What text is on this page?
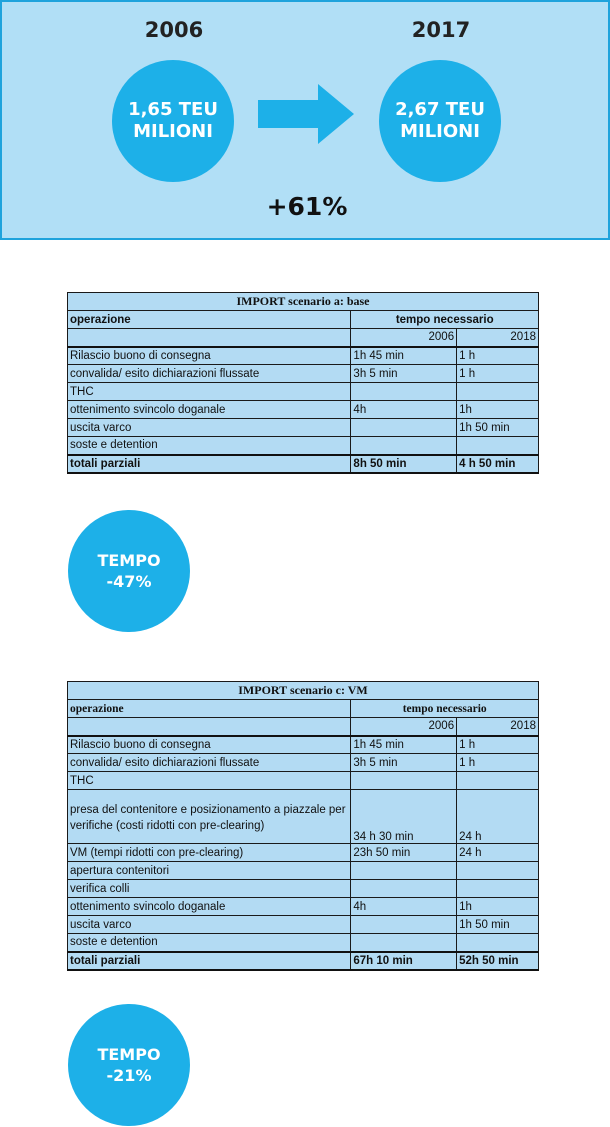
2006	2017
1,65 TEU
MILIONI
2,67 TEU
MILIONI
+61%
IMPORT scenario a: base		
operazione	tempo necessario	
	2006	2018
Rilascio buono di consegna	1h 45 min	1 h
convalida/ esito dichiarazioni flussate	3h 5 min	1 h
THC		
ottenimento svincolo doganale	4h	1h
uscita varco		1h 50 min
soste e detention		
totali parziali	8h 50 min	4 h 50 min
TEMPO
-47%
IMPORT scenario c: VM		
operazione	tempo necessario	
	2006	2018
Rilascio buono di consegna	1h 45 min	1 h
convalida/ esito dichiarazioni flussate	3h 5 min	1 h
THC		
presa del contenitore e posizionamento a piazzale per verifiche (costi ridotti con pre-clearing)	34 h 30 min	24 h
VM (tempi ridotti con pre-clearing)	23h 50 min	24 h
apertura contenitori		
verifica colli		
ottenimento svincolo doganale	4h	1h
uscita varco		1h 50 min
soste e detention		
totali parziali	67h 10 min	52h 50 min
TEMPO
-21%
